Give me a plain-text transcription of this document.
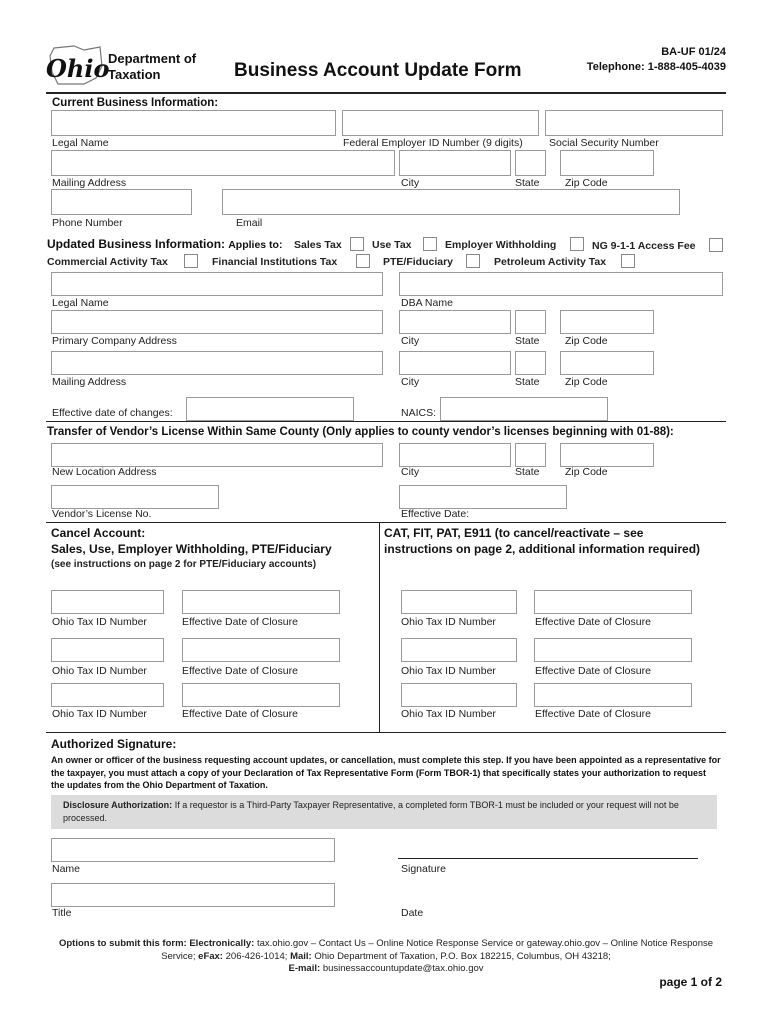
Ohio
Department of
Taxation	Business Account Update Form
BA-UF 01/24
Telephone: 1-888-405-4039
Current Business Information:
Legal Name	Federal Employer ID Number (9 digits)	Social Security Number
Mailing Address	City	State Zip Code
Phone Number	Email
Updated Business Information: Applies to: Sales Tax	Use Tax	Employer Withholding	NG 9-1-1 Access Fee
Commercial Activity Tax	Financial Institutions Tax	PTE/Fiduciary	Petroleum Activity Tax
Legal Name	DBA Name
Primary Company Address	City	State Zip Code
Mailing Address	City	State Zip Code
Effective date of changes:	NAICS:
Transfer of Vendor’s License Within Same County (Only applies to county vendor’s licenses beginning with 01-88):
New Location Address	City	State Zip Code
Vendor’s License No.	Effective Date:
Cancel Account:
Sales, Use, Employer Withholding, PTE/Fiduciary
(see instructions on page 2 for PTE/Fiduciary accounts)
CAT, FIT, PAT, E911 (to cancel/reactivate – see
instructions on page 2, additional information required)
Ohio Tax ID Number	Effective Date of Closure
Ohio Tax ID Number	Effective Date of Closure
Ohio Tax ID Number	Effective Date of Closure
Ohio Tax ID Number	Effective Date of Closure
Ohio Tax ID Number	Effective Date of Closure
Ohio Tax ID Number	Effective Date of Closure
Authorized Signature:
An owner or officer of the business requesting account updates, or cancellation, must complete this step. If you have been appointed as a representative for the taxpayer, you must attach a copy of your Declaration of Tax Representative Form (Form TBOR-1) that specifically states your authorization to request the updates from the Ohio Department of Taxation.
Disclosure Authorization: If a requestor is a Third-Party Taxpayer Representative, a completed form TBOR-1 must be included or your request will not be processed.
Name	Signature
Title	Date
Options to submit this form: Electronically: tax.ohio.gov – Contact Us – Online Notice Response Service or gateway.ohio.gov – Online Notice Response Service; eFax: 206-426-1014; Mail: Ohio Department of Taxation, P.O. Box 182215, Columbus, OH 43218;
E-mail: businessaccountupdate@tax.ohio.gov
page 1 of 2
